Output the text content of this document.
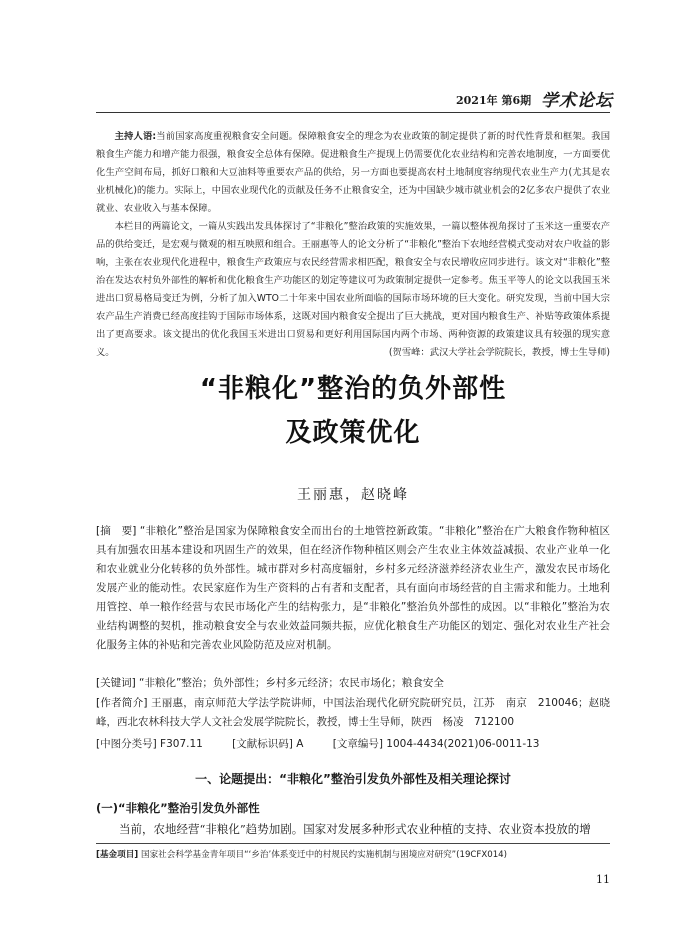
2021年 第6期 学术论坛

主持人语:当前国家高度重视粮食安全问题。保障粮食安全的理念为农业政策的制定提供了新的时代性背景和框架。我国粮食生产能力和增产能力很强，粮食安全总体有保障。促进粮食生产提现上仍需要优化农业结构和完善农地制度，一方面要优化生产空间布局，抓好口粮和大豆油料等重要农产品的供给，另一方面也要提高农村土地制度容纳现代农业生产力(尤其是农业机械化)的能力。实际上，中国农业现代化的贡献及任务不止粮食安全，还为中国缺少城市就业机会的2亿多农户提供了农业就业、农业收入与基本保障。

本栏目的两篇论文，一篇从实践出发具体探讨了“非粮化”整治政策的实施效果，一篇以整体视角探讨了玉米这一重要农产品的供给变迁，是宏观与微观的相互映照和组合。王丽惠等人的论文分析了“非粮化”整治下农地经营模式变动对农户收益的影响，主张在农业现代化进程中，粮食生产政策应与农民经营需求相匹配，粮食安全与农民增收应同步进行。该文对“非粮化”整治在发达农村负外部性的解析和优化粮食生产功能区的划定等建议可为政策制定提供一定参考。焦玉平等人的论文以我国玉米进出口贸易格局变迁为例，分析了加入WTO二十年来中国农业所面临的国际市场环境的巨大变化。研究发现，当前中国大宗农产品生产消费已经高度挂钩于国际市场体系，这既对国内粮食安全提出了巨大挑战，更对国内粮食生产、补贴等政策体系提出了更高要求。该文提出的优化我国玉米进出口贸易和更好利用国际国内两个市场、两种资源的政策建议具有较强的现实意义。	(贺雪峰：武汉大学社会学院院长，教授，博士生导师)
“非粮化”整治的负外部性
及政策优化
王丽惠，赵晓峰

[摘　要] “非粮化”整治是国家为保障粮食安全而出台的土地管控新政策。“非粮化”整治在广大粮食作物种植区具有加强农田基本建设和巩固生产的效果，但在经济作物种植区则会产生农业主体效益减损、农业产业单一化和农业就业分化转移的负外部性。城市群对乡村高度辐射，乡村多元经济滋养经济农业生产，激发农民市场化发展产业的能动性。农民家庭作为生产资料的占有者和支配者，具有面向市场经营的自主需求和能力。土地利用管控、单一粮作经营与农民市场化产生的结构张力，是“非粮化”整治负外部性的成因。以“非粮化”整治为农业结构调整的契机，推动粮食安全与农业效益同频共振，应优化粮食生产功能区的划定、强化对农业生产社会化服务主体的补贴和完善农业风险防范及应对机制。

[关键词] “非粮化”整治；负外部性；乡村多元经济；农民市场化；粮食安全
[作者简介] 王丽惠，南京师范大学法学院讲师，中国法治现代化研究院研究员，江苏　南京　210046；赵晓峰，西北农林科技大学人文社会发展学院院长，教授，博士生导师，陕西　杨凌　712100
[中图分类号] F307.11	[文献标识码] A	[文章编号] 1004-4434(2021)06-0011-13
一、论题提出：“非粮化”整治引发负外部性及相关理论探讨
(一)“非粮化”整治引发负外部性
当前，农地经营“非粮化”趋势加剧。国家对发展多种形式农业种植的支持、农业资本投放的增
[基金项目] 国家社会科学基金青年项目“‘乡治’体系变迁中的村规民约实施机制与困境应对研究”(19CFX014)
11
